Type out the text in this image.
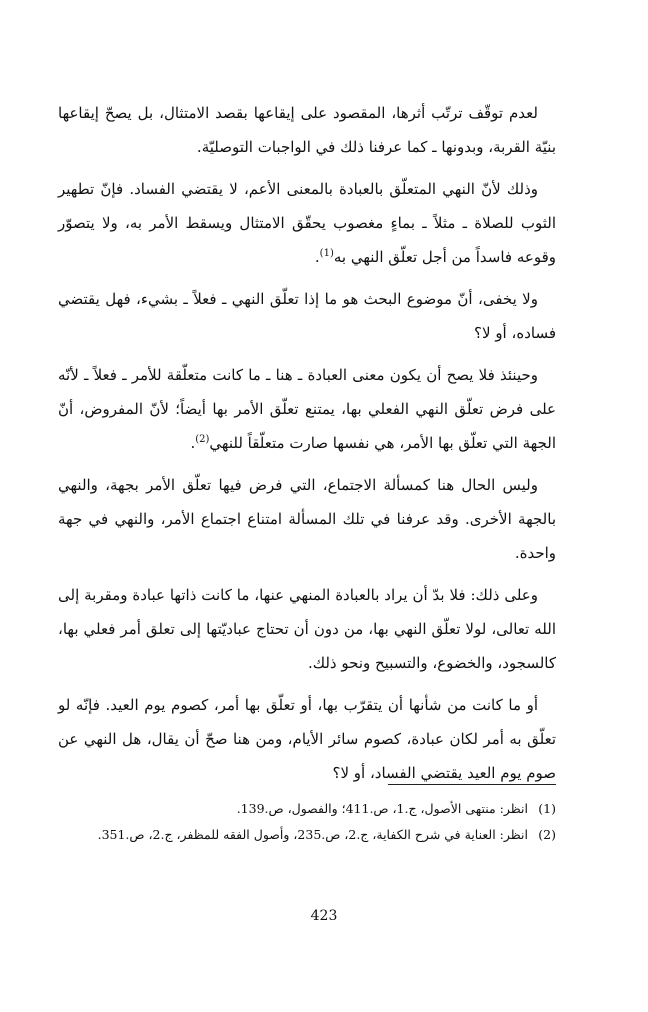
لعدم توقّف ترتّب أثرها، المقصود على إيقاعها بقصد الامتثال، بل يصحّ إيقاعها بنيّة القربة، وبدونها ـ كما عرفنا ذلك في الواجبات التوصليّة.

وذلك لأنّ النهي المتعلّق بالعبادة بالمعنى الأعم، لا يقتضي الفساد. فإنّ تطهير الثوب للصلاة ـ مثلاً ـ بماءٍ مغصوب يحقّق الامتثال ويسقط الأمر به، ولا يتصوّر وقوعه فاسداً من أجل تعلّق النهي به$^{(1)}$.

ولا يخفى، أنّ موضوع البحث هو ما إذا تعلّق النهي ـ فعلاً ـ بشيء، فهل يقتضي فساده، أو لا؟

وحينئذ فلا يصح أن يكون معنى العبادة ـ هنا ـ ما كانت متعلّقة للأمر ـ فعلاً ـ لأنّه على فرض تعلّق النهي الفعلي بها، يمتنع تعلّق الأمر بها أيضاً؛ لأنّ المفروض، أنّ الجهة التي تعلّق بها الأمر، هي نفسها صارت متعلّقاً للنهي$^{(2)}$.

وليس الحال هنا كمسألة الاجتماع، التي فرض فيها تعلّق الأمر بجهة، والنهي بالجهة الأخرى. وقد عرفنا في تلك المسألة امتناع اجتماع الأمر، والنهي في جهة واحدة.

وعلى ذلك: فلا بدّ أن يراد بالعبادة المنهي عنها، ما كانت ذاتها عبادة ومقربة إلى الله تعالى، لولا تعلّق النهي بها، من دون أن تحتاج عباديّتها إلى تعلق أمر فعلي بها، كالسجود، والخضوع، والتسبيح ونحو ذلك.

أو ما كانت من شأنها أن يتقرّب بها، أو تعلّق بها أمر، كصوم يوم العيد. فإنّه لو تعلّق به أمر لكان عبادة، كصوم سائر الأيام، ومن هنا صحّ أن يقال، هل النهي عن صوم يوم العيد يقتضي الفساد، أو لا؟

(1)
انظر: منتهى الأصول، ج.1، ص.411؛ والفصول، ص.139.
(2)
انظر: العناية في شرح الكفاية، ج.2، ص.235، وأصول الفقه للمظفر، ج.2، ص.351.
423
